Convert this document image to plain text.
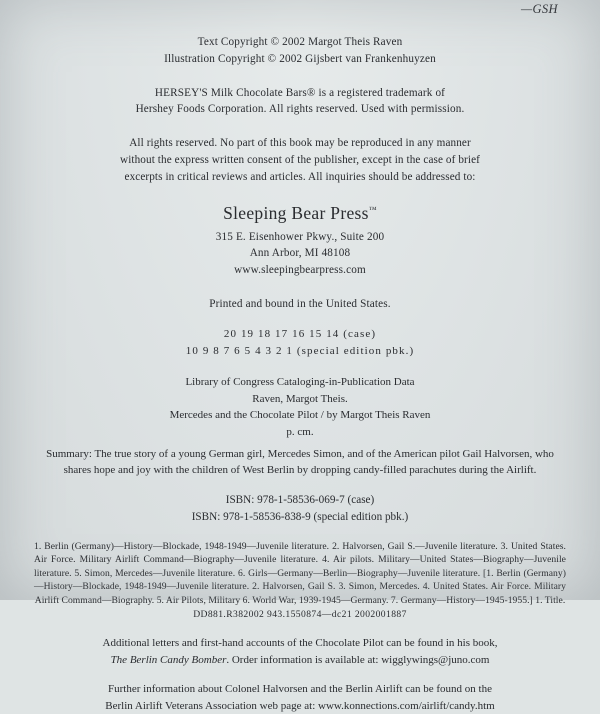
—GSH
Text Copyright © 2002 Margot Theis Raven
Illustration Copyright © 2002 Gijsbert van Frankenhuyzen
HERSEY'S Milk Chocolate Bars® is a registered trademark of
Hershey Foods Corporation. All rights reserved. Used with permission.
All rights reserved. No part of this book may be reproduced in any manner
without the express written consent of the publisher, except in the case of brief
excerpts in critical reviews and articles. All inquiries should be addressed to:

Sleeping Bear Press™

315 E. Eisenhower Pkwy., Suite 200
Ann Arbor, MI 48108
www.sleepingbearpress.com
Printed and bound in the United States.
20 19 18 17 16 15 14 (case)
10 9 8 7 6 5 4 3 2 1 (special edition pbk.)
Library of Congress Cataloging-in-Publication Data
Raven, Margot Theis.
Mercedes and the Chocolate Pilot / by Margot Theis Raven
p. cm.
Summary: The true story of a young German girl, Mercedes Simon, and of the American pilot Gail Halvorsen, who
shares hope and joy with the children of West Berlin by dropping candy-filled parachutes during the Airlift.
ISBN: 978-1-58536-069-7 (case)
ISBN: 978-1-58536-838-9 (special edition pbk.)
1. Berlin (Germany)—History—Blockade, 1948-1949—Juvenile literature. 2. Halvorsen, Gail S.—Juvenile literature. 3. United States. Air Force. Military Airlift Command—Biography—Juvenile literature. 4. Air pilots. Military—United States—Biography—Juvenile literature. 5. Simon, Mercedes—Juvenile literature. 6. Girls—Germany—Berlin—Biography—Juvenile literature. [1. Berlin (Germany)—History—Blockade, 1948-1949—Juvenile literature. 2. Halvorsen, Gail S. 3. Simon, Mercedes. 4. United States. Air Force. Military Airlift Command—Biography. 5. Air Pilots, Military 6. World War, 1939-1945—Germany. 7. Germany—History—1945-1955.] 1. Title.
DD881.R382002 943.1550874—dc21 2002001887
Additional letters and first-hand accounts of the Chocolate Pilot can be found in his book,
The Berlin Candy Bomber. Order information is available at: wigglywings@juno.com
Further information about Colonel Halvorsen and the Berlin Airlift can be found on the
Berlin Airlift Veterans Association web page at: www.konnections.com/airlift/candy.htm
